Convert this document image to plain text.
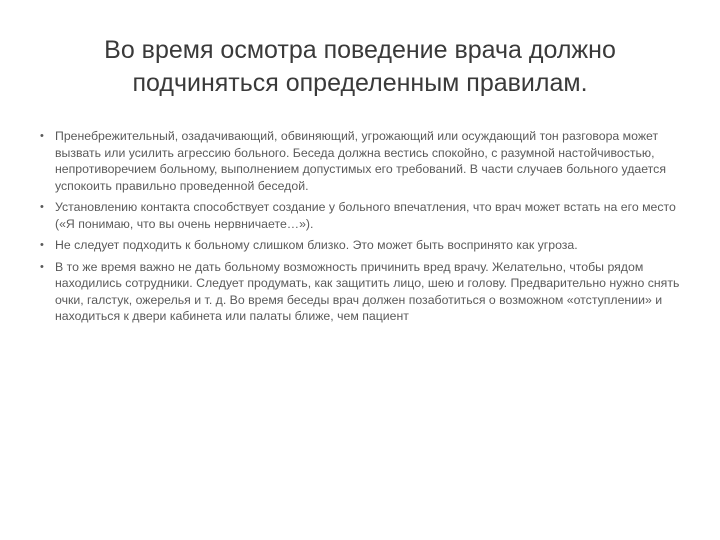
Во время осмотра поведение врача должно подчиняться определенным правилам.
• Пренебрежительный, озадачивающий, обвиняющий, угрожающий или осуждающий тон разговора может вызвать или усилить агрессию больного. Беседа должна вестись спокойно, с разумной настойчивостью, непротиворечием больному, выполнением допустимых его требований. В части случаев больного удается успокоить правильно проведенной беседой.
• Установлению контакта способствует создание у больного впечатления, что врач может встать на его место («Я понимаю, что вы очень нервничаете…»).
• Не следует подходить к больному слишком близко. Это может быть воспринято как угроза.
• В то же время важно не дать больному возможность причинить вред врачу. Желательно, чтобы рядом находились сотрудники. Следует продумать, как защитить лицо, шею и голову. Предварительно нужно снять очки, галстук, ожерелья и т. д. Во время беседы врач должен позаботиться о возможном «отступлении» и находиться к двери кабинета или палаты ближе, чем пациент
